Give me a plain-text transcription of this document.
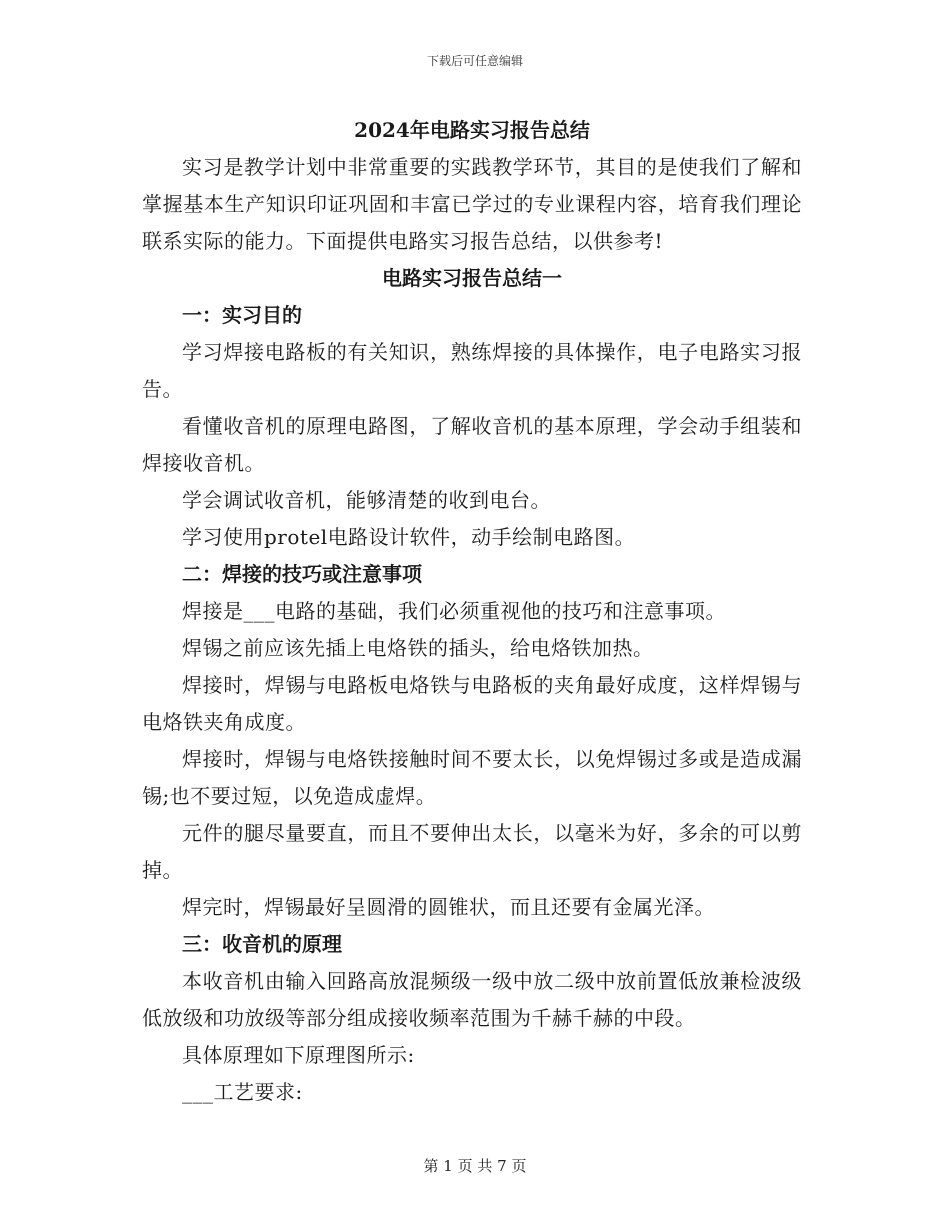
下载后可任意编辑

2024年电路实习报告总结

实习是教学计划中非常重要的实践教学环节，其目的是使我们了解和掌握基本生产知识印证巩固和丰富已学过的专业课程内容，培育我们理论联系实际的能力。下面提供电路实习报告总结，以供参考!

电路实习报告总结一

一：实习目的

学习焊接电路板的有关知识，熟练焊接的具体操作，电子电路实习报告。

看懂收音机的原理电路图，了解收音机的基本原理，学会动手组装和焊接收音机。

学会调试收音机，能够清楚的收到电台。

学习使用protel电路设计软件，动手绘制电路图。

二：焊接的技巧或注意事项

焊接是___电路的基础，我们必须重视他的技巧和注意事项。

焊锡之前应该先插上电烙铁的插头，给电烙铁加热。

焊接时，焊锡与电路板电烙铁与电路板的夹角最好成度，这样焊锡与电烙铁夹角成度。

焊接时，焊锡与电烙铁接触时间不要太长，以免焊锡过多或是造成漏锡;也不要过短，以免造成虚焊。

元件的腿尽量要直，而且不要伸出太长，以毫米为好，多余的可以剪掉。

焊完时，焊锡最好呈圆滑的圆锥状，而且还要有金属光泽。

三：收音机的原理

本收音机由输入回路高放混频级一级中放二级中放前置低放兼检波级低放级和功放级等部分组成接收频率范围为千赫千赫的中段。

具体原理如下原理图所示:

___工艺要求:

第 1 页 共 7 页
